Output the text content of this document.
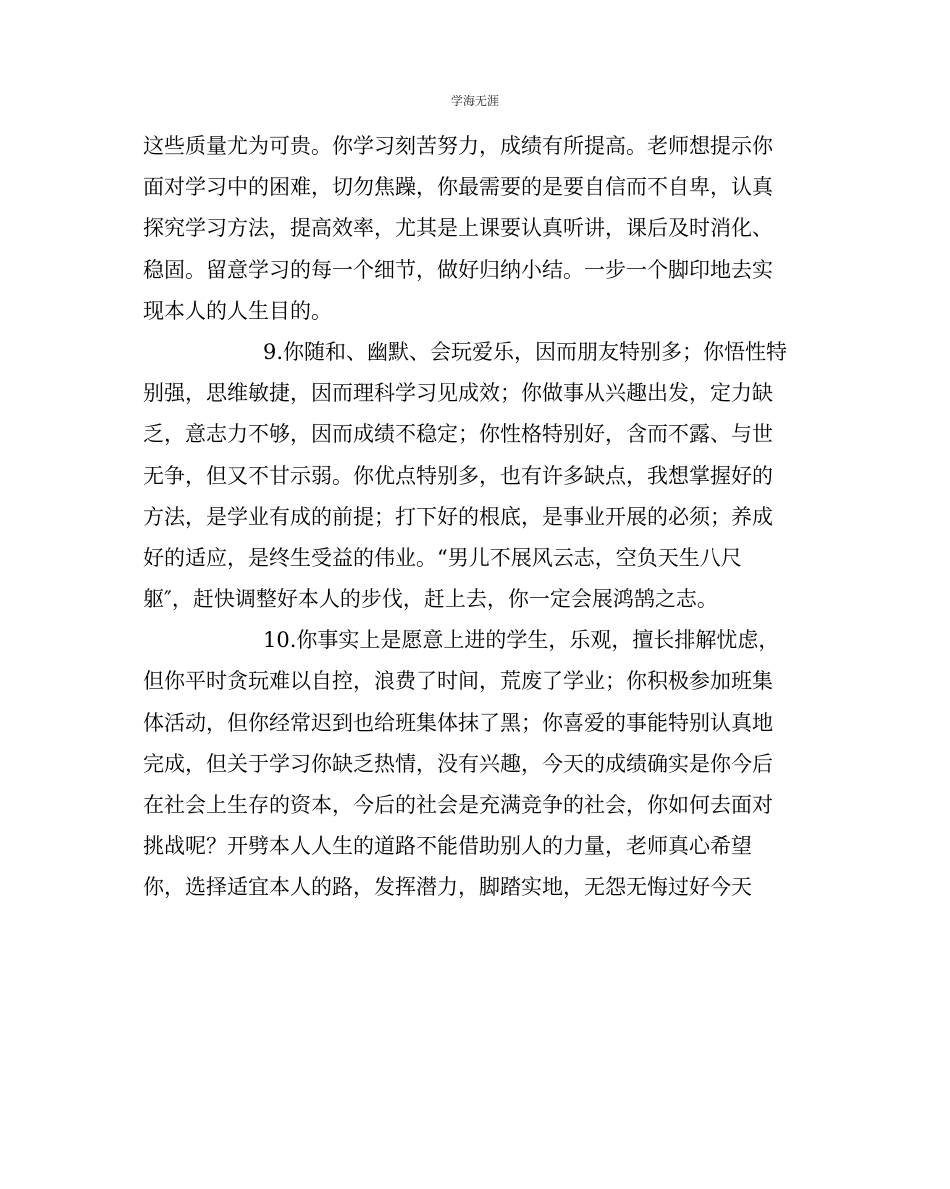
学海无涯
这些质量尤为可贵。你学习刻苦努力，成绩有所提高。老师想提示你
面对学习中的困难，切勿焦躁，你最需要的是要自信而不自卑，认真
探究学习方法，提高效率，尤其是上课要认真听讲，课后及时消化、
稳固。留意学习的每一个细节，做好归纳小结。一步一个脚印地去实
现本人的人生目的。
9.你随和、幽默、会玩爱乐，因而朋友特别多；你悟性特
别强，思维敏捷，因而理科学习见成效；你做事从兴趣出发，定力缺
乏，意志力不够，因而成绩不稳定；你性格特别好，含而不露、与世
无争，但又不甘示弱。你优点特别多，也有许多缺点，我想掌握好的
方法，是学业有成的前提；打下好的根底，是事业开展的必须；养成
好的适应，是终生受益的伟业。“男儿不展风云志，空负天生八尺
躯″，赶快调整好本人的步伐，赶上去，你一定会展鸿鹄之志。
10.你事实上是愿意上进的学生，乐观，擅长排解忧虑，
但你平时贪玩难以自控，浪费了时间，荒废了学业；你积极参加班集
体活动，但你经常迟到也给班集体抹了黑；你喜爱的事能特别认真地
完成，但关于学习你缺乏热情，没有兴趣，今天的成绩确实是你今后
在社会上生存的资本，今后的社会是充满竞争的社会，你如何去面对
挑战呢？开劈本人人生的道路不能借助别人的力量，老师真心希望
你，选择适宜本人的路，发挥潜力，脚踏实地，无怨无悔过好今天
